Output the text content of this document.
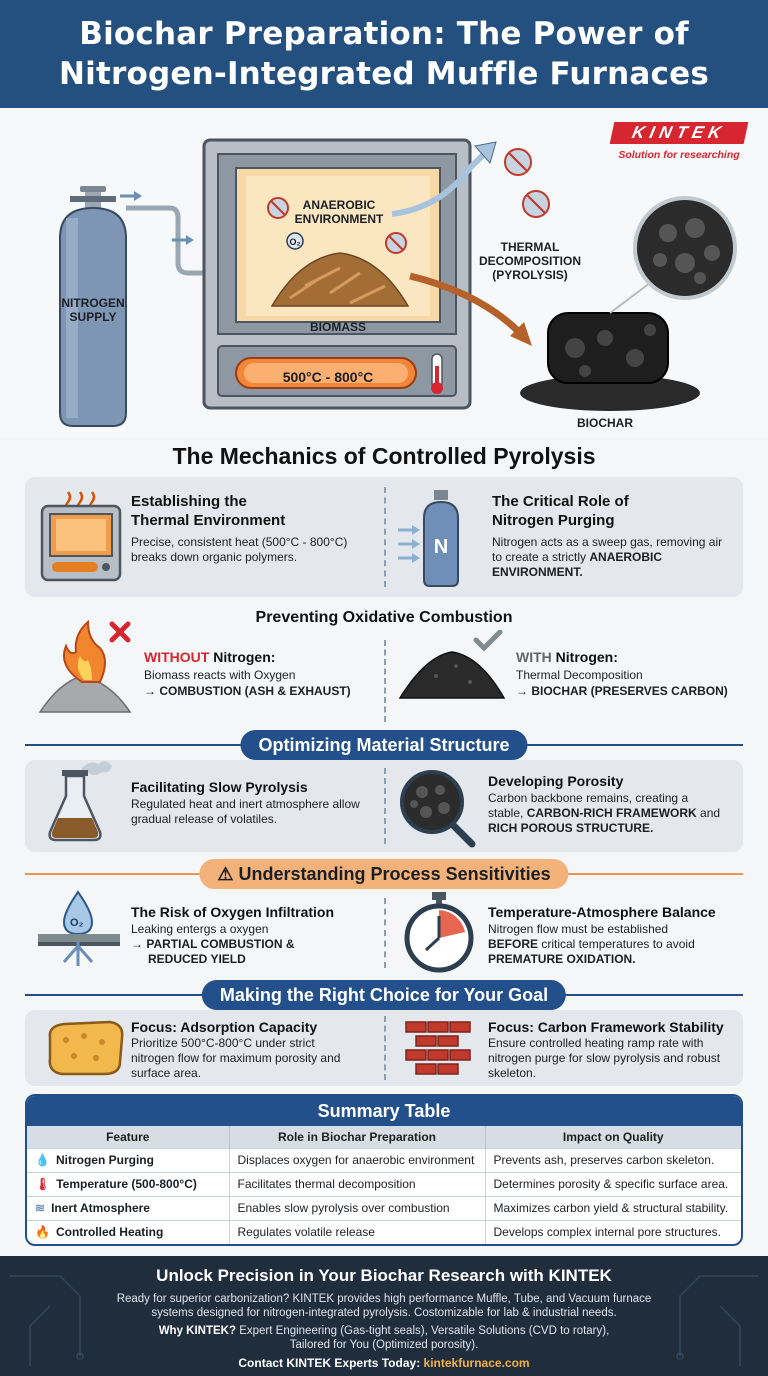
Biochar Preparation: The Power of
Nitrogen-Integrated Muffle Furnaces
KINTEK
Solution for researching
NITROGEN
SUPPLY
ANAEROBIC
ENVIRONMENT
O₂
BIOMASS
500°C - 800°C
THERMAL
DECOMPOSITION
(PYROLYSIS)
BIOCHAR
The Mechanics of Controlled Pyrolysis
Establishing the
Thermal Environment
Precise, consistent heat (500°C - 800°C) breaks down organic polymers.	N
The Critical Role of
Nitrogen Purging
Nitrogen acts as a sweep gas, removing air to create a strictly ANAEROBIC ENVIRONMENT.
Preventing Oxidative Combustion
WITHOUT Nitrogen:
Biomass reacts with Oxygen
→ COMBUSTION (ASH & EXHAUST)
WITH Nitrogen:
Thermal Decomposition
→ BIOCHAR (PRESERVES CARBON)
Optimizing Material Structure
Facilitating Slow Pyrolysis
Regulated heat and inert atmosphere allow gradual release of volatiles.
Developing Porosity
Carbon backbone remains, creating a stable, CARBON-RICH FRAMEWORK and RICH POROUS STRUCTURE.
⚠ Understanding Process Sensitivities
O₂
The Risk of Oxygen Infiltration
Leaking entergs a oxygen
→ PARTIAL COMBUSTION &
REDUCED YIELD
Temperature-Atmosphere Balance
Nitrogen flow must be established
BEFORE critical temperatures to avoid
PREMATURE OXIDATION.
Making the Right Choice for Your Goal
Focus: Adsorption Capacity
Prioritize 500°C-800°C under strict nitrogen flow for maximum porosity and surface area.
Focus: Carbon Framework Stability
Ensure controlled heating ramp rate with nitrogen purge for slow pyrolysis and robust skeleton.
Summary Table
Feature	Role in Biochar Preparation	Impact on Quality
💧 Nitrogen Purging	Displaces oxygen for anaerobic environment	Prevents ash, preserves carbon skeleton.
🌡 Temperature (500-800°C)	Facilitates thermal decomposition	Determines porosity & specific surface area.
≋ Inert Atmosphere	Enables slow pyrolysis over combustion	Maximizes carbon yield & structural stability.
🔥 Controlled Heating	Regulates volatile release	Develops complex internal pore structures.
Unlock Precision in Your Biochar Research with KINTEK

Ready for superior carbonization? KINTEK provides high performance Muffle, Tube, and Vacuum furnace

systems designed for nitrogen-integrated pyrolysis. Costomizable for lab & industrial needs.

Why KINTEK? Expert Engineering (Gas-tight seals), Versatile Solutions (CVD to rotary),

Tailored for You (Optimized porosity).

Contact KINTEK Experts Today: kintekfurnace.com
